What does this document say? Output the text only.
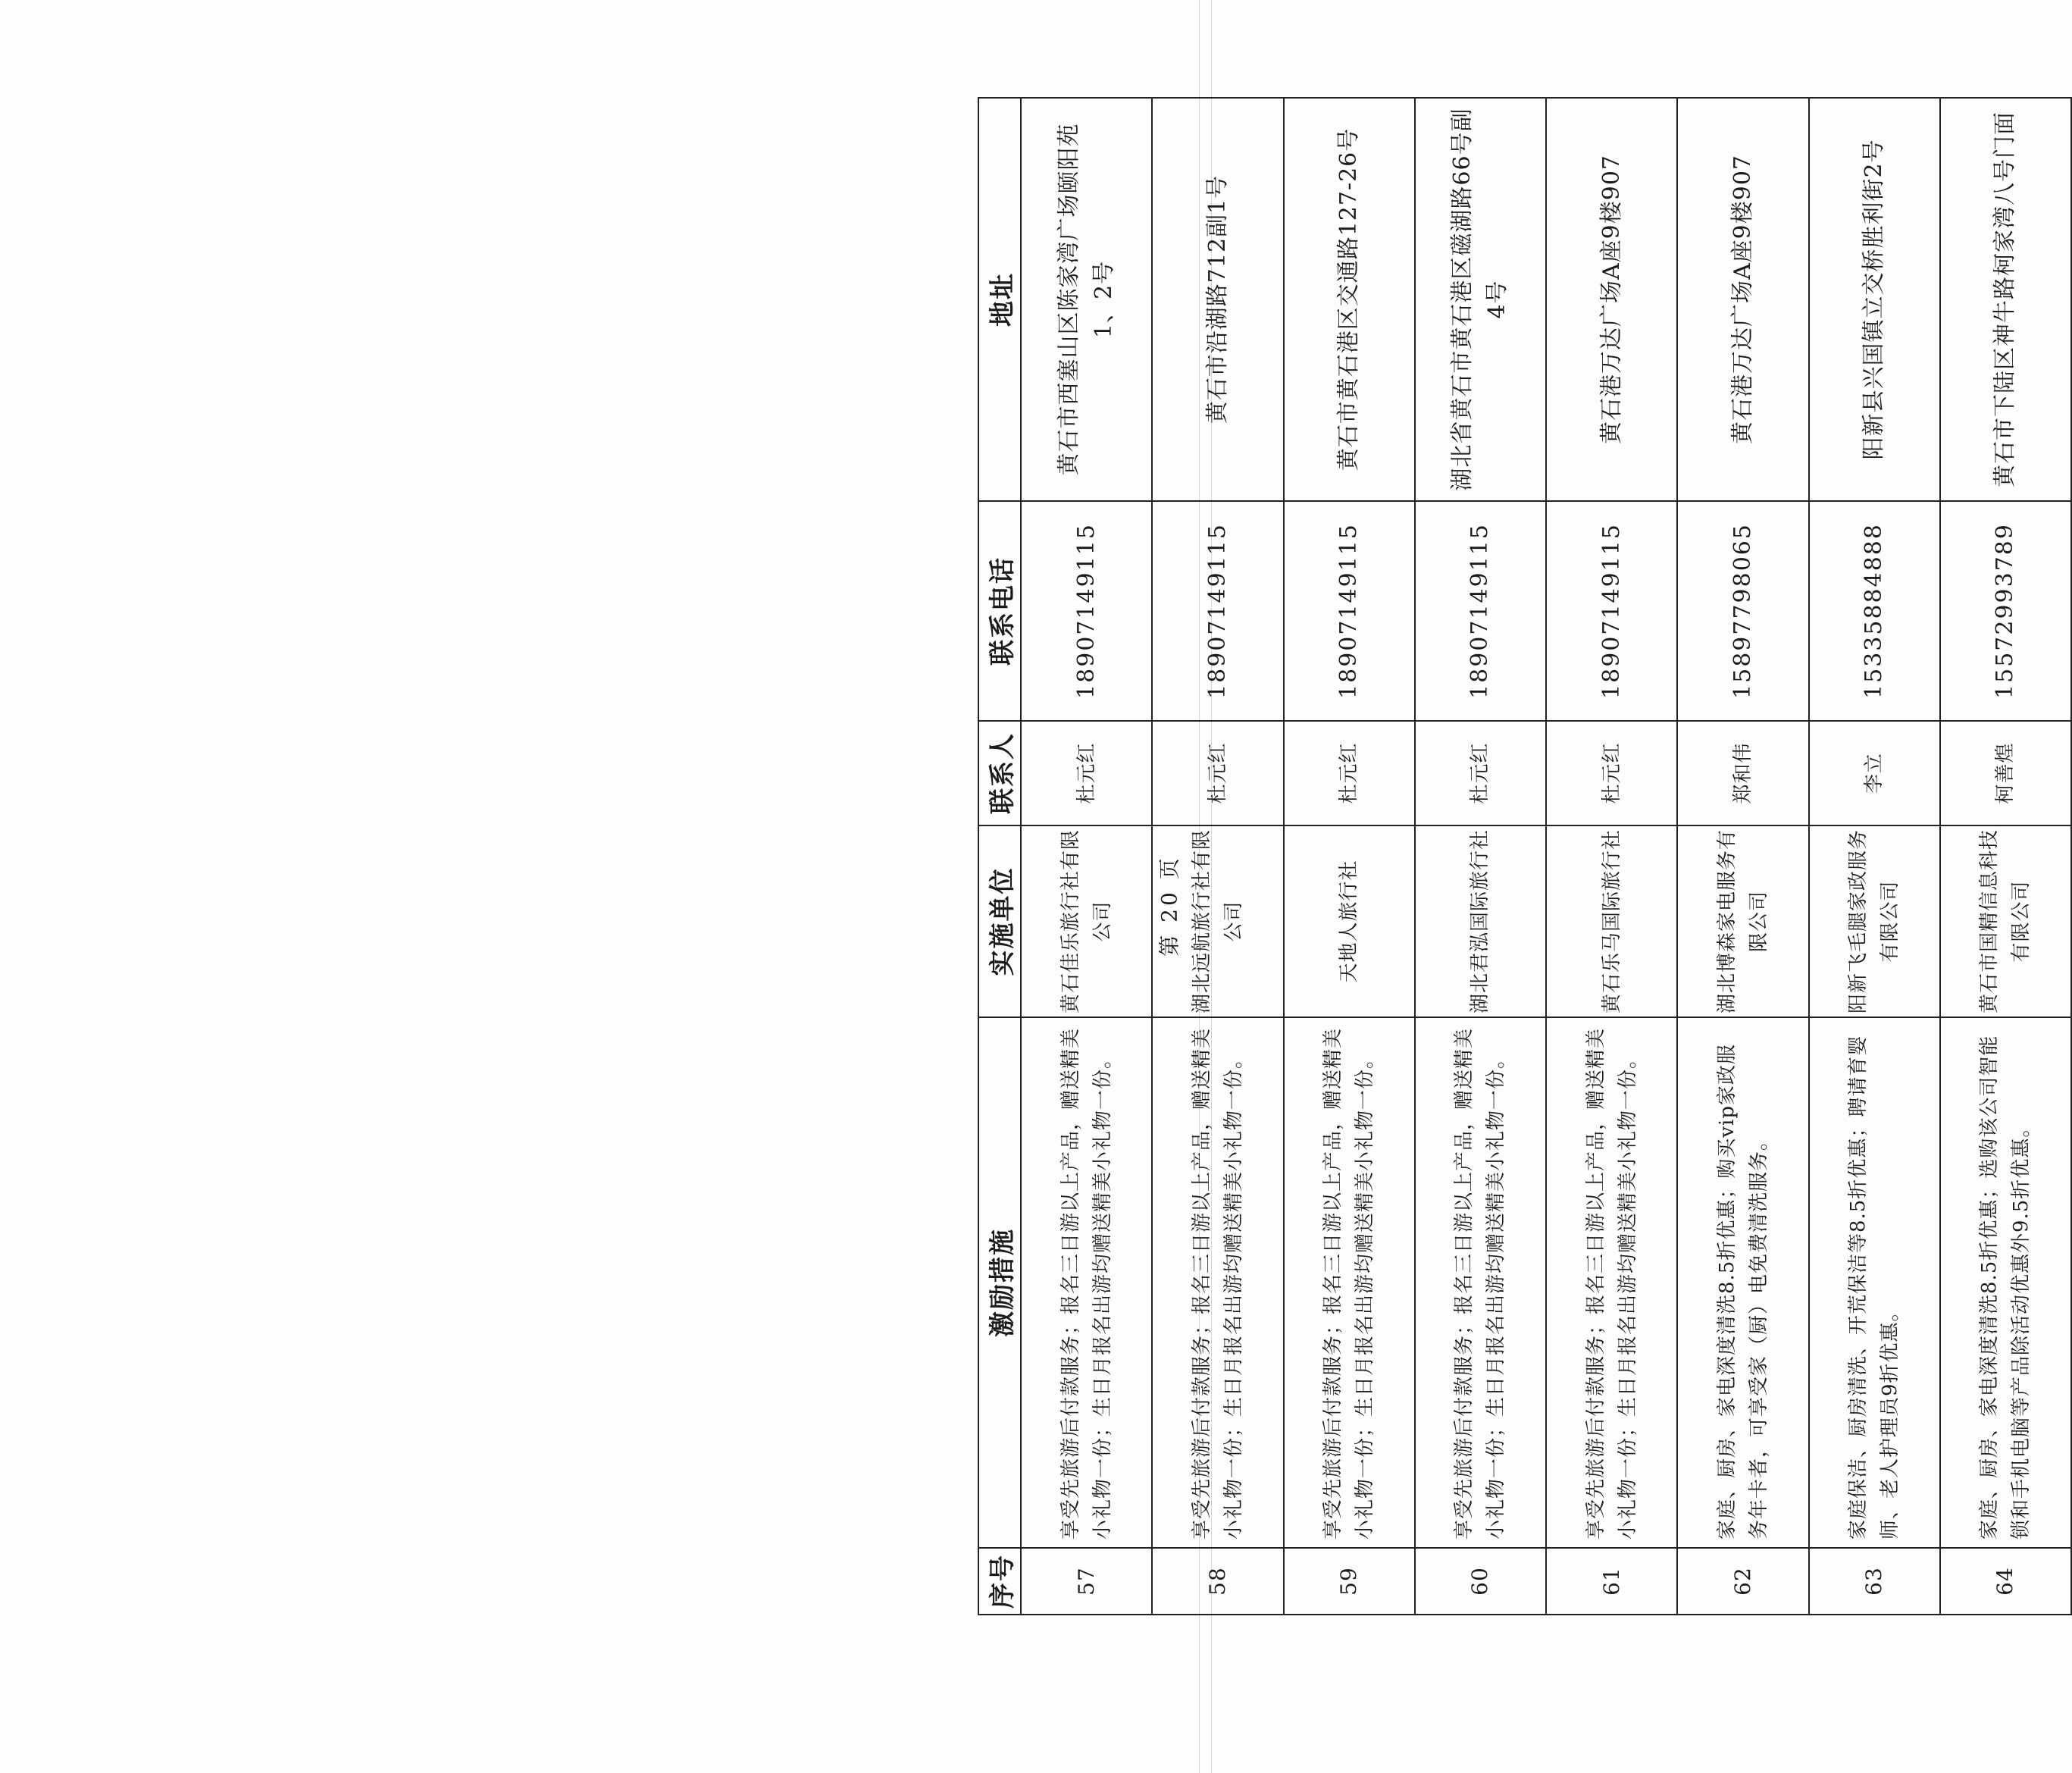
序号	激励措施	实施单位	联系人	联系电话	地址
57	享受先旅游后付款服务；报名三日游以上产品，赠送精美小礼物一份；生日月报名出游均赠送精美小礼物一份。	黄石佳乐旅行社有限公司	杜元红	18907149115	黄石市西塞山区陈家湾广场颐阳苑1、2号
58	享受先旅游后付款服务；报名三日游以上产品，赠送精美小礼物一份；生日月报名出游均赠送精美小礼物一份。	湖北远航旅行社有限公司	杜元红	18907149115	黄石市沿湖路712副1号
59	享受先旅游后付款服务；报名三日游以上产品，赠送精美小礼物一份；生日月报名出游均赠送精美小礼物一份。	天地人旅行社	杜元红	18907149115	黄石市黄石港区交通路127-26号
60	享受先旅游后付款服务；报名三日游以上产品，赠送精美小礼物一份；生日月报名出游均赠送精美小礼物一份。	湖北君泓国际旅行社	杜元红	18907149115	湖北省黄石市黄石港区磁湖路66号副4号
61	享受先旅游后付款服务；报名三日游以上产品，赠送精美小礼物一份；生日月报名出游均赠送精美小礼物一份。	黄石乐马国际旅行社	杜元红	18907149115	黄石港万达广场A座9楼907
62	家庭、厨房、家电深度清洗8.5折优惠；购买vip家政服务年卡者，可享受家（厨）电免费清洗服务。	湖北博森家电服务有限公司	郑和伟	15897798065	黄石港万达广场A座9楼907
63	家庭保洁、厨房清洗、开荒保洁等8.5折优惠；聘请育婴师、老人护理员9折优惠。	阳新飞毛腿家政服务有限公司	李立	15335884888	阳新县兴国镇立交桥胜利街2号
64	家庭、厨房、家电深度清洗8.5折优惠；选购该公司智能锁和手机电脑等产品除活动优惠外9.5折优惠。	黄石市国精信息科技有限公司	柯善煌	15572993789	黄石市下陆区神牛路柯家湾八号门面
第 20 页
